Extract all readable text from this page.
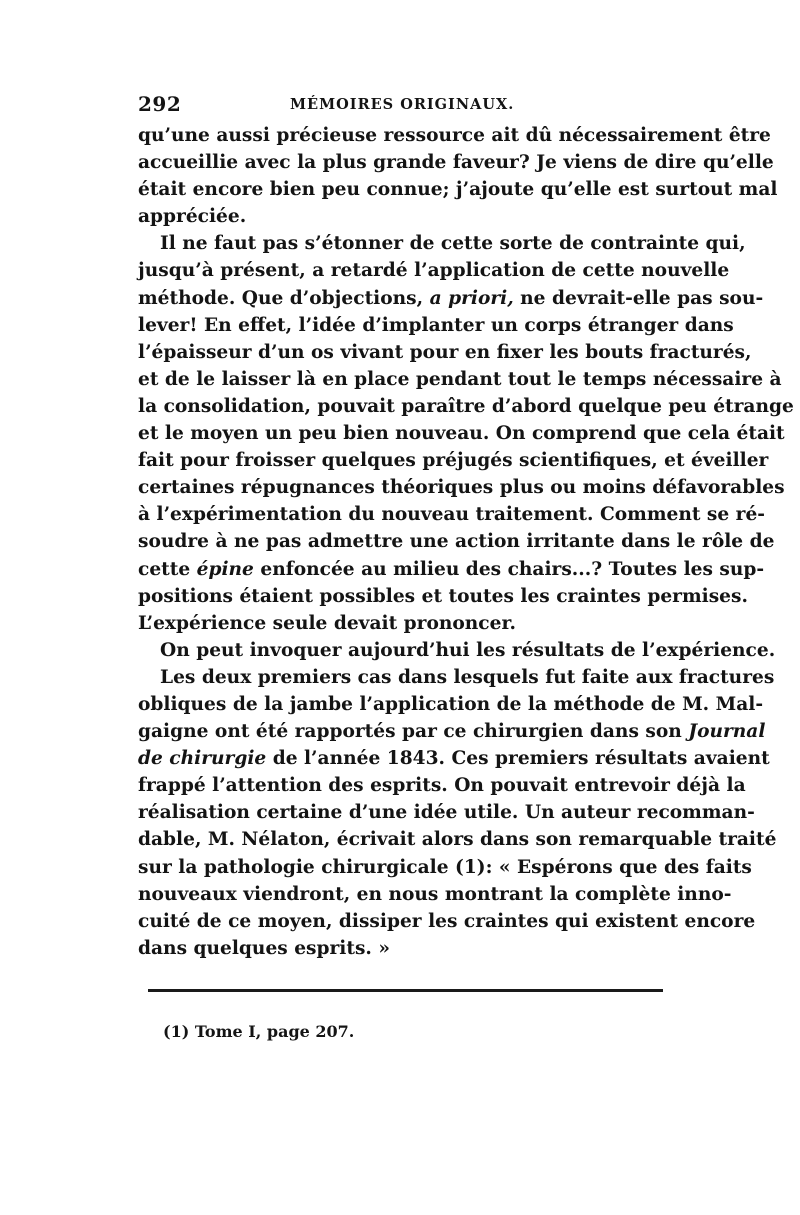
292	MÉMOIRES ORIGINAUX.
qu’une aussi précieuse ressource ait dû nécessairement être
accueillie avec la plus grande faveur? Je viens de dire qu’elle
était encore bien peu connue; j’ajoute qu’elle est surtout mal
appréciée.
Il ne faut pas s’étonner de cette sorte de contrainte qui,
jusqu’à présent, a retardé l’application de cette nouvelle
méthode. Que d’objections, a priori, ne devrait-elle pas sou-
lever! En effet, l’idée d’implanter un corps étranger dans
l’épaisseur d’un os vivant pour en fixer les bouts fracturés,
et de le laisser là en place pendant tout le temps nécessaire à
la consolidation, pouvait paraître d’abord quelque peu étrange
et le moyen un peu bien nouveau. On comprend que cela était
fait pour froisser quelques préjugés scientifiques, et éveiller
certaines répugnances théoriques plus ou moins défavorables
à l’expérimentation du nouveau traitement. Comment se ré-
soudre à ne pas admettre une action irritante dans le rôle de
cette épine enfoncée au milieu des chairs...? Toutes les sup-
positions étaient possibles et toutes les craintes permises.
L’expérience seule devait prononcer.
On peut invoquer aujourd’hui les résultats de l’expérience.
Les deux premiers cas dans lesquels fut faite aux fractures
obliques de la jambe l’application de la méthode de M. Mal-
gaigne ont été rapportés par ce chirurgien dans son Journal
de chirurgie de l’année 1843. Ces premiers résultats avaient
frappé l’attention des esprits. On pouvait entrevoir déjà la
réalisation certaine d’une idée utile. Un auteur recomman-
dable, M. Nélaton, écrivait alors dans son remarquable traité
sur la pathologie chirurgicale (1): « Espérons que des faits
nouveaux viendront, en nous montrant la complète inno-
cuité de ce moyen, dissiper les craintes qui existent encore
dans quelques esprits. »
(1) Tome I, page 207.
